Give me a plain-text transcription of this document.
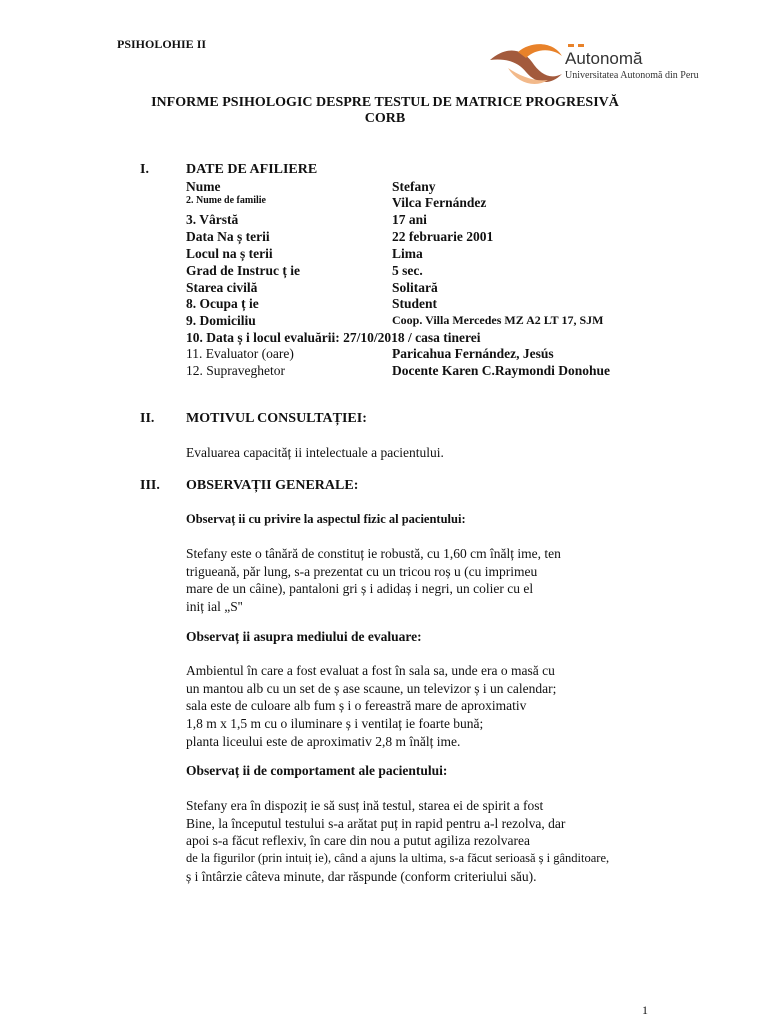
PSIHOLOHIE II
Autonomă
Universitatea Autonomă din Peru
INFORME PSIHOLOGIC DESPRE TESTUL DE MATRICE PROGRESIVĂ
CORB
I.	DATE DE AFILIERE
Nume	Stefany
2. Nume de familie	Vilca Fernández
3. Vârstă	17 ani
Data Na ș terii	22 februarie 2001
Locul na ș terii	Lima
Grad de Instruc ț ie	5 sec.
Starea civilă	Solitară
8. Ocupa ț ie	Student
9. Domiciliu	Coop. Villa Mercedes MZ A2 LT 17, SJM
10. Data ș i locul evaluării: 27/10/2018 / casa tinerei
11. Evaluator (oare)	Paricahua Fernández, Jesús
12. Supraveghetor	Docente Karen C.Raymondi Donohue
II. MOTIVUL CONSULTAȚIEI:
Evaluarea capacităț ii intelectuale a pacientului.
III. OBSERVAȚII GENERALE:
Observaț ii cu privire la aspectul fizic al pacientului:
Stefany este o tânără de constituț ie robustă, cu 1,60 cm înălț ime, ten
trigueană, păr lung, s-a prezentat cu un tricou roș u (cu imprimeu
mare de un câine), pantaloni gri ș i adidaș i negri, un colier cu el
iniț ial „S''
Observaț ii asupra mediului de evaluare:
Ambientul în care a fost evaluat a fost în sala sa, unde era o masă cu
un mantou alb cu un set de ș ase scaune, un televizor ș i un calendar;
sala este de culoare alb fum ș i o fereastră mare de aproximativ
1,8 m x 1,5 m cu o iluminare ș i ventilaț ie foarte bună;
planta liceului este de aproximativ 2,8 m înălț ime.
Observaț ii de comportament ale pacientului:
Stefany era în dispoziț ie să susț ină testul, starea ei de spirit a fost
Bine, la începutul testului s-a arătat puț in rapid pentru a-l rezolva, dar
apoi s-a făcut reflexiv, în care din nou a putut agiliza rezolvarea
de la figurilor (prin intuiț ie), când a ajuns la ultima, s-a făcut serioasă ș i gânditoare,
ș i întârzie câteva minute, dar răspunde (conform criteriului său).
1
